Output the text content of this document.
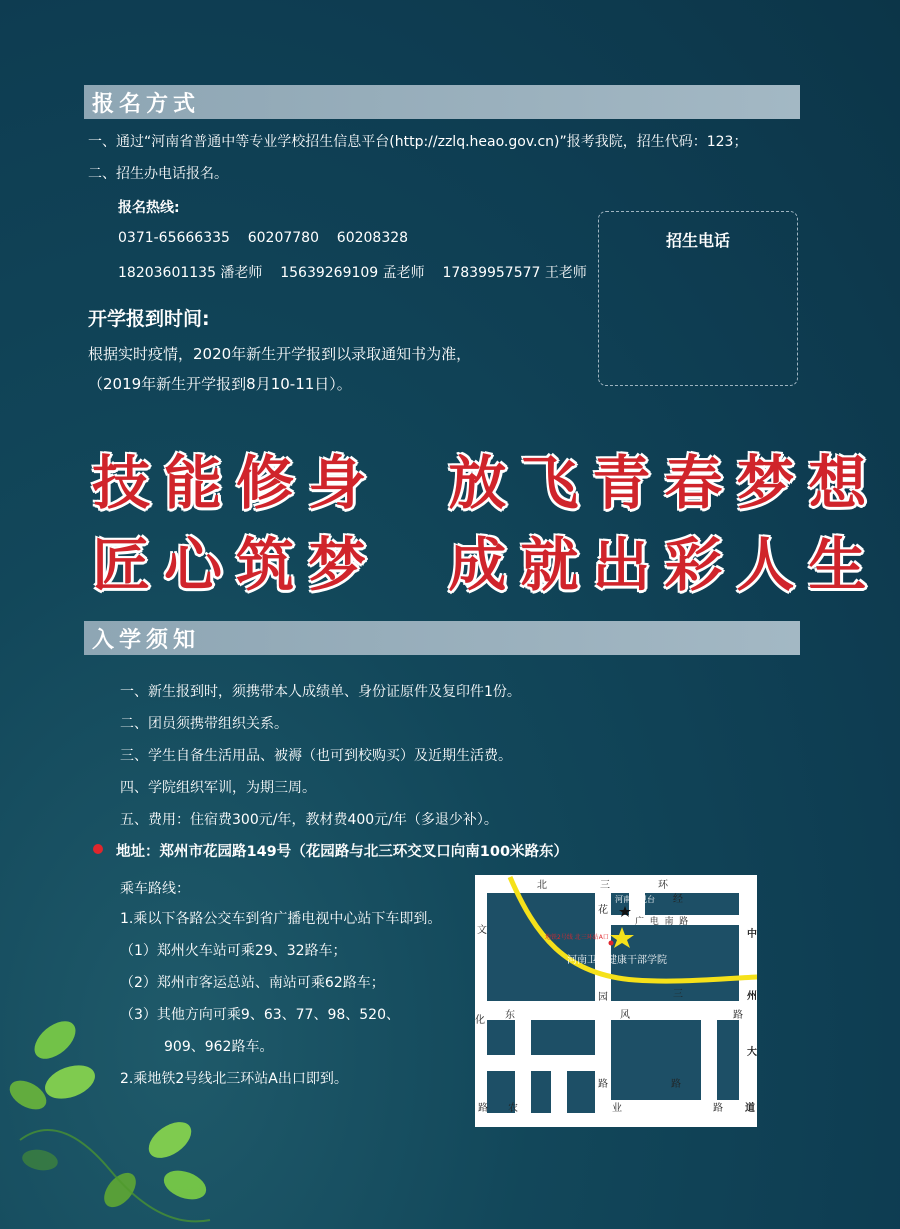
报名方式
一、通过“河南省普通中等专业学校招生信息平台(http://zzlq.heao.gov.cn)”报考我院，招生代码：123；
二、招生办电话报名。
报名热线:
0371-65666335    60207780    60208328
18203601135 潘老师    15639269109 孟老师    17839957577 王老师
招生电话
开学报到时间:
根据实时疫情，2020年新生开学报到以录取通知书为准，
（2019年新生开学报到8月10-11日）。
技能修身  放飞青春梦想
匠心筑梦  成就出彩人生
入学须知
一、新生报到时，须携带本人成绩单、身份证原件及复印件1份。
二、团员须携带组织关系。
三、学生自备生活用品、被褥（也可到校购买）及近期生活费。
四、学院组织军训，为期三周。
五、费用：住宿费300元/年，教材费400元/年（多退少补）。
地址：郑州市花园路149号（花园路与北三环交叉口向南100米路东）
乘车路线：
1.乘以下各路公交车到省广播电视中心站下车即到。
（1）郑州火车站可乘29、32路车；
（2）郑州市客运总站、南站可乘62路车；
（3）其他方向可乘9、63、77、98、520、
909、962路车。
2.乘地铁2号线北三环站A出口即到。
北	三	环
河南电视台 经
文
花
广  电  南  路
地铁2号线 北三环站A口
河南卫生健康干部学院
中
州
大
道
园	三
东	风	路
化
路	路
路 农	业	路
